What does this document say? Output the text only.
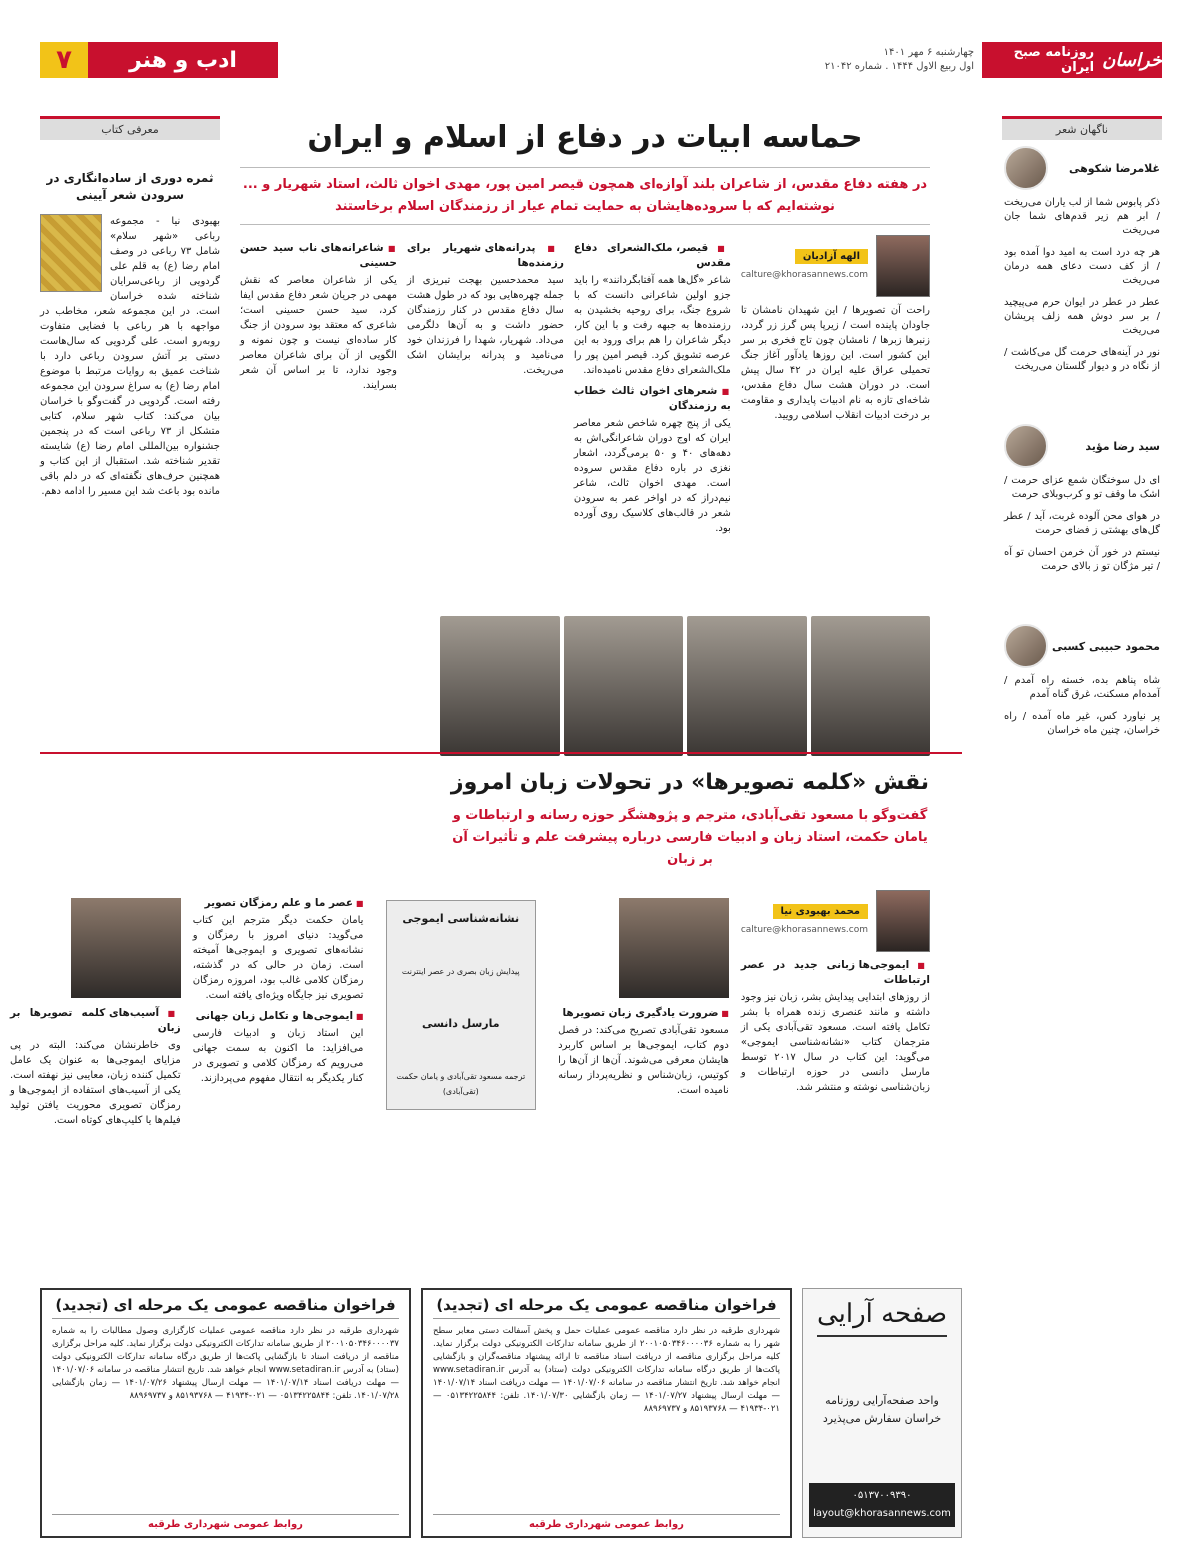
خراسان
روزنامه صبح ایران
چهارشنبه ۶ مهر ۱۴۰۱
اول ربیع الاول ۱۴۴۴ . شماره ۲۱۰۴۲
ادب و هنر
۷
ناگهان شعر
غلامرضا شکوهی

ذکر پابوس شما از لب یاران می‌ریخت / ابر هم زیر قدم‌های شما جان می‌ریخت

هر چه درد است به امید دوا آمده بود / از کف دست دعای همه درمان می‌ریخت

عطر در عطر در ایوان حرم می‌پیچید / بر سر دوش همه زلف پریشان می‌ریخت

نور در آینه‌های حرمت گل می‌کاشت / از نگاه در و دیوار گلستان می‌ریخت

سید رضا مؤید

ای دل سوختگان شمع عزای حرمت / اشک ما وقف تو و کرب‌وبلای حرمت

در هوای محن آلوده غربت، آید / عطر گل‌های بهشتی ز فضای حرمت

نیستم در خور آن خرمن احسان تو آه / تیر مژگان تو ز بالای حرمت

محمود حبیبی کسبی

شاه پناهم بده، خسته راه آمدم / آمده‌ام مسکنت، غرق گناه آمدم

پر نیاورد کس، غیر ماه آمده / راه خراسان، چنین ماه خراسان

معرفی کتاب
ثمره دوری از ساده‌انگاری در سرودن شعر آیینی

بهبودی نیا - مجموعه رباعی «شهر سلام» شامل ۷۳ رباعی در وصف امام رضا (ع) به قلم علی گردویی از رباعی‌سرایان شناخته شده خراسان است. در این مجموعه شعر، مخاطب در مواجهه با هر رباعی با فضایی متفاوت روبه‌رو است. علی گردویی که سال‌هاست دستی بر آتش سرودن رباعی دارد با شناخت عمیق به روایات مرتبط با موضوع امام رضا (ع) به سراغ سرودن این مجموعه رفته است. گردویی در گفت‌وگو با خراسان بیان می‌کند: کتاب شهر سلام، کتابی متشکل از ۷۳ رباعی است که در پنجمین جشنواره بین‌المللی امام رضا (ع) شایسته تقدیر شناخته شد. استقبال از این کتاب و همچنین حرف‌های نگفته‌ای که در دلم باقی مانده بود باعث شد این مسیر را ادامه دهم.

حماسه ابیات در دفاع از اسلام و ایران

در هفته دفاع مقدس، از شاعران بلند آوازه‌ای همچون قیصر امین پور، مهدی اخوان ثالث، استاد شهریار و ... نوشته‌ایم که با سروده‌هایشان به حمایت تمام عیار از رزمندگان اسلام برخاستند

الهه آزادیان
calture@khorasannews.com

راحت آن تصویرها / این شهیدان نامشان تا جاودان پاینده است / زیرپا پس گرز زر گردد، زنبرها زبرها / نامشان چون تاج فخری بر سر این کشور است. این روزها یادآور آغاز جنگ تحمیلی عراق علیه ایران در ۴۲ سال پیش است. در دوران هشت سال دفاع مقدس، شاخه‌ای تازه به نام ادبیات پایداری و مقاومت بر درخت ادبیات انقلاب اسلامی رویید.

■ قیصر، ملک‌الشعرای دفاع مقدس

شاعر «گل‌ها همه آفتابگردانند» را باید جزو اولین شاعرانی دانست که با شروع جنگ، برای روحیه بخشیدن به رزمنده‌ها به جبهه رفت و با این کار، دیگر شاعران را هم برای ورود به این عرصه تشویق کرد. قیصر امین پور را ملک‌الشعرای دفاع مقدس نامیده‌اند.

■ شعرهای اخوان ثالث خطاب به رزمندگان

یکی از پنج چهره شاخص شعر معاصر ایران که اوج دوران شاعرانگی‌اش به دهه‌های ۴۰ و ۵۰ برمی‌گردد، اشعار نغزی در باره دفاع مقدس سروده است. مهدی اخوان ثالث، شاعر نیم‌دراز که در اواخر عمر به سرودن شعر در قالب‌های کلاسیک روی آورده بود.

■ پدرانه‌های شهریار برای رزمنده‌ها

سید محمدحسین بهجت تبریزی از جمله چهره‌هایی بود که در طول هشت سال دفاع مقدس در کنار رزمندگان حضور داشت و به آن‌ها دلگرمی می‌داد. شهریار، شهدا را فرزندان خود می‌نامید و پدرانه برایشان اشک می‌ریخت.

■ شاعرانه‌های ناب سید حسن حسینی

یکی از شاعران معاصر که نقش مهمی در جریان شعر دفاع مقدس ایفا کرد، سید حسن حسینی است؛ شاعری که معتقد بود سرودن از جنگ کار ساده‌ای نیست و چون نمونه و الگویی از آن برای شاعران معاصر وجود ندارد، تا بر اساس آن شعر بسرایند.

نقش «کلمه تصویرها» در تحولات زبان امروز

گفت‌وگو با مسعود تقی‌آبادی، مترجم و پژوهشگر حوزه رسانه و ارتباطات و یامان حکمت، استاد زبان و ادبیات فارسی درباره پیشرفت علم و تأثیرات آن بر زبان

محمد بهبودی نیا
calture@khorasannews.com
■ ایموجی‌ها زبانی جدید در عصر ارتباطات

از روزهای ابتدایی پیدایش بشر، زبان نیز وجود داشته و مانند عنصری زنده همراه با بشر تکامل یافته است. مسعود تقی‌آبادی یکی از مترجمان کتاب «نشانه‌شناسی ایموجی» می‌گوید: این کتاب در سال ۲۰۱۷ توسط مارسل دانسی در حوزه ارتباطات و زبان‌شناسی نوشته و منتشر شد.

■ ضرورت یادگیری زبان تصویرها

مسعود تقی‌آبادی تصریح می‌کند: در فصل دوم کتاب، ایموجی‌ها بر اساس کاربرد هایشان معرفی می‌شوند. آن‌ها از آن‌ها را کوتیس، زبان‌شناس و نظریه‌پرداز رسانه نامیده است.

نشانه‌شناسی ایموجی
پیدایش زبان بصری در عصر اینترنت
مارسل دانسی
ترجمه مسعود تقی‌آبادی و یامان حکمت (تقی‌آبادی)
■ عصر ما و علم رمزگان تصویر

یامان حکمت دیگر مترجم این کتاب می‌گوید: دنیای امروز با رمزگان و نشانه‌های تصویری و ایموجی‌ها آمیخته است. زمان در حالی که در گذشته، رمزگان کلامی غالب بود، امروزه رمزگان تصویری نیز جایگاه ویژه‌ای یافته است.

■ ایموجی‌ها و تکامل زبان جهانی

این استاد زبان و ادبیات فارسی می‌افزاید: ما اکنون به سمت جهانی می‌رویم که رمزگان کلامی و تصویری در کنار یکدیگر به انتقال مفهوم می‌پردازند.

■ آسیب‌های کلمه تصویرها بر زبان

وی خاطرنشان می‌کند: البته در پی مزایای ایموجی‌ها به عنوان یک عامل تکمیل کننده زبان، معایبی نیز نهفته است. یکی از آسیب‌های استفاده از ایموجی‌ها و رمزگان تصویری محوریت یافتن تولید فیلم‌ها یا کلیپ‌های کوتاه است.

صفحه آرایی
واحد صفحه‌آرایی روزنامه خراسان سفارش می‌پذیرد
۰۵۱۳۷۰۰۹۳۹۰
layout@khorasannews.com
فراخوان مناقصه عمومی یک مرحله ای (تجدید)

شهرداری طرقبه در نظر دارد مناقصه عمومی عملیات حمل و پخش آسفالت دستی معابر سطح شهر را به شماره ۲۰۰۱۰۵۰۳۴۶۰۰۰۰۳۶ از طریق سامانه تدارکات الکترونیکی دولت برگزار نماید. کلیه مراحل برگزاری مناقصه از دریافت اسناد مناقصه تا ارائه پیشنهاد مناقصه‌گران و بازگشایی پاکت‌ها از طریق درگاه سامانه تدارکات الکترونیکی دولت (ستاد) به آدرس www.setadiran.ir انجام خواهد شد. تاریخ انتشار مناقصه در سامانه ۱۴۰۱/۰۷/۰۶ — مهلت دریافت اسناد ۱۴۰۱/۰۷/۱۴ — مهلت ارسال پیشنهاد ۱۴۰۱/۰۷/۲۷ — زمان بازگشایی ۱۴۰۱/۰۷/۳۰. تلفن: ۰۵۱۳۴۲۲۵۸۴۴ — ۰۲۱-۴۱۹۳۴ — ۸۵۱۹۳۷۶۸ و ۸۸۹۶۹۷۳۷

روابط عمومی شهرداری طرقبه
فراخوان مناقصه عمومی یک مرحله ای (تجدید)

شهرداری طرقبه در نظر دارد مناقصه عمومی عملیات کارگزاری وصول مطالبات را به شماره ۲۰۰۱۰۵۰۳۴۶۰۰۰۰۳۷ از طریق سامانه تدارکات الکترونیکی دولت برگزار نماید. کلیه مراحل برگزاری مناقصه از دریافت اسناد تا بازگشایی پاکت‌ها از طریق درگاه سامانه تدارکات الکترونیکی دولت (ستاد) به آدرس www.setadiran.ir انجام خواهد شد. تاریخ انتشار مناقصه در سامانه ۱۴۰۱/۰۷/۰۶ — مهلت دریافت اسناد ۱۴۰۱/۰۷/۱۴ — مهلت ارسال پیشنهاد ۱۴۰۱/۰۷/۲۶ — زمان بازگشایی ۱۴۰۱/۰۷/۲۸. تلفن: ۰۵۱۳۴۲۲۵۸۴۴ — ۰۲۱-۴۱۹۳۴ — ۸۵۱۹۳۷۶۸ و ۸۸۹۶۹۷۳۷

روابط عمومی شهرداری طرقبه
